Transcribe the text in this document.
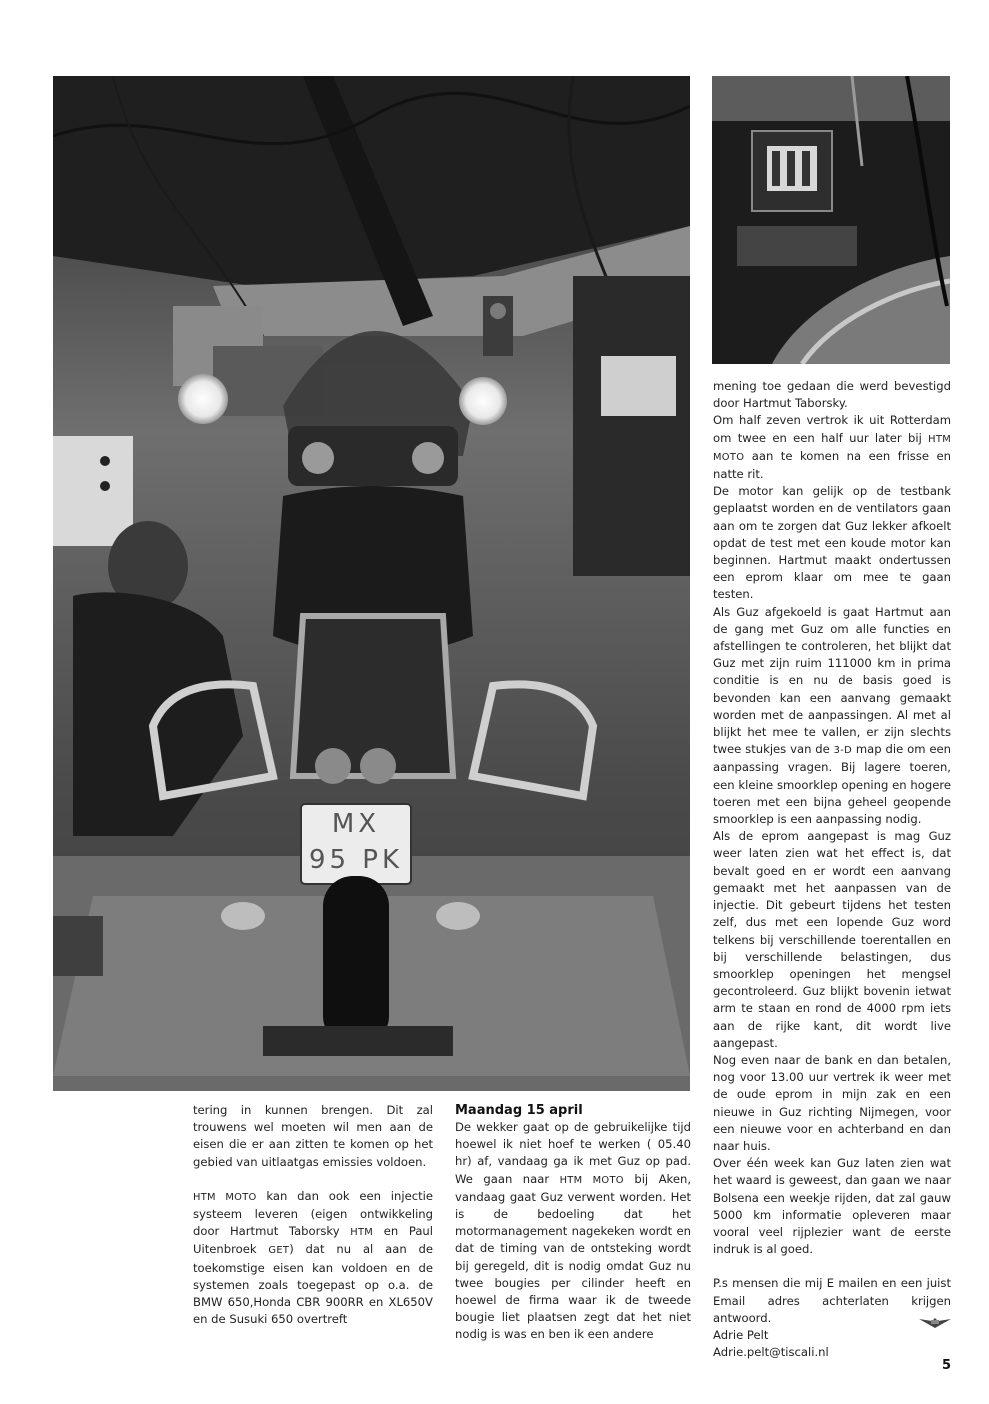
MX
95 PK

tering in kunnen brengen. Dit zal trouwens wel moeten wil men aan de eisen die er aan zitten te komen op het gebied van uitlaatgas emissies voldoen.

HTM MOTO kan dan ook een injectie systeem leveren (eigen ontwikkeling door Hartmut Taborsky HTM en Paul Uitenbroek GET) dat nu al aan de toekomstige eisen kan voldoen en de systemen zoals toegepast op o.a. de BMW 650,Honda CBR 900RR en XL650V en de Susuki 650 overtreft

Maandag 15 april

De wekker gaat op de gebruikelijke tijd hoewel ik niet hoef te werken ( 05.40 hr) af, vandaag ga ik met Guz op pad. We gaan naar HTM MOTO bij Aken, vandaag gaat Guz verwent worden. Het is de bedoeling dat het motormanagement nagekeken wordt en dat de timing van de ontsteking wordt bij geregeld, dit is nodig omdat Guz nu twee bougies per cilinder heeft en hoewel de firma waar ik de tweede bougie liet plaatsen zegt dat het niet nodig is was en ben ik een andere

mening toe gedaan die werd bevestigd door Hartmut Taborsky.

Om half zeven vertrok ik uit Rotterdam om twee en een half uur later bij HTM MOTO aan te komen na een frisse en natte rit.

De motor kan gelijk op de testbank geplaatst worden en de ventilators gaan aan om te zorgen dat Guz lekker afkoelt opdat de test met een koude motor kan beginnen. Hartmut maakt ondertussen een eprom klaar om mee te gaan testen.

Als Guz afgekoeld is gaat Hartmut aan de gang met Guz om alle functies en afstellingen te controleren, het blijkt dat Guz met zijn ruim 111000 km in prima conditie is en nu de basis goed is bevonden kan een aanvang gemaakt worden met de aanpassingen. Al met al blijkt het mee te vallen, er zijn slechts twee stukjes van de 3-D map die om een aanpassing vragen. Bij lagere toeren, een kleine smoorklep opening en hogere toeren met een bijna geheel geopende smoorklep is een aanpassing nodig.

Als de eprom aangepast is mag Guz weer laten zien wat het effect is, dat bevalt goed en er wordt een aanvang gemaakt met het aanpassen van de injectie. Dit gebeurt tijdens het testen zelf, dus met een lopende Guz word telkens bij verschillende toerentallen en bij verschillende belastingen, dus smoorklep openingen het mengsel gecontroleerd. Guz blijkt bovenin ietwat arm te staan en rond de 4000 rpm iets aan de rijke kant, dit wordt live aangepast.

Nog even naar de bank en dan betalen, nog voor 13.00 uur vertrek ik weer met de oude eprom in mijn zak en een nieuwe in Guz richting Nijmegen, voor een nieuwe voor en achterband en dan naar huis.

Over één week kan Guz laten zien wat het waard is geweest, dan gaan we naar Bolsena een weekje rijden, dat zal gauw 5000 km informatie opleveren maar vooral veel rijplezier want de eerste indruk is al goed.

P.s mensen die mij E mailen en een juist Email adres achterlaten krijgen antwoord.

Adrie Pelt

Adrie.pelt@tiscali.nl

5
